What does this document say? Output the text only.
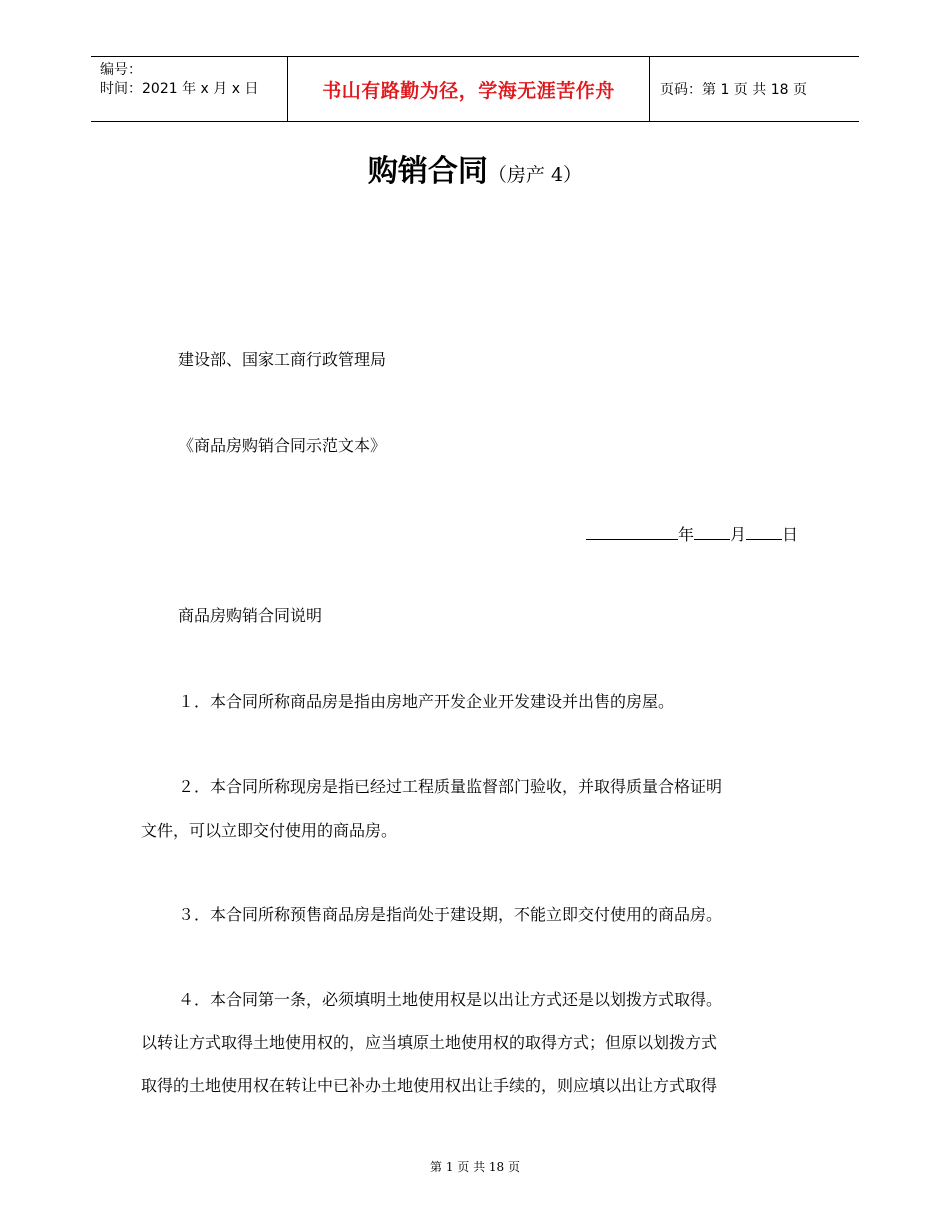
编号：
时间：2021 年 x 月 x 日	书山有路勤为径，学海无涯苦作舟	页码：第 1 页 共 18 页
购销合同（房产 4）
建设部、国家工商行政管理局
《商品房购销合同示范文本》
年 月 日
商品房购销合同说明
１．本合同所称商品房是指由房地产开发企业开发建设并出售的房屋。
２．本合同所称现房是指已经过工程质量监督部门验收，并取得质量合格证明
文件，可以立即交付使用的商品房。
３．本合同所称预售商品房是指尚处于建设期，不能立即交付使用的商品房。
４．本合同第一条，必须填明土地使用权是以出让方式还是以划拨方式取得。
以转让方式取得土地使用权的，应当填原土地使用权的取得方式；但原以划拨方式
取得的土地使用权在转让中已补办土地使用权出让手续的，则应填以出让方式取得
第 1 页 共 18 页
